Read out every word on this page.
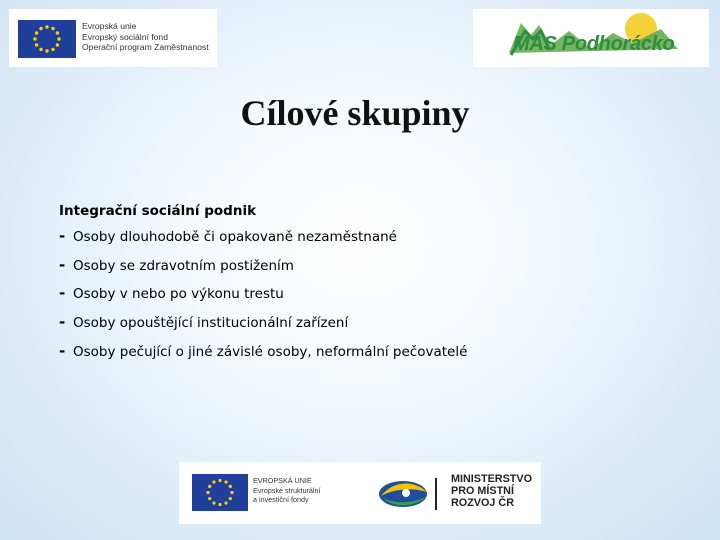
Evropská unie
Evropský sociální fond
Operační program Zaměstnanost	MAS Podhorácko
Cílové skupiny
Integrační sociální podnik
- Osoby dlouhodobě či opakovaně nezaměstnané
- Osoby se zdravotním postižením
- Osoby v nebo po výkonu trestu
- Osoby opouštějící institucionální zařízení
- Osoby pečující o jiné závislé osoby, neformální pečovatelé
EVROPSKÁ UNIE
Evropské strukturální
a investiční fondy
MINISTERSTVO
PRO MÍSTNÍ
ROZVOJ ČR
